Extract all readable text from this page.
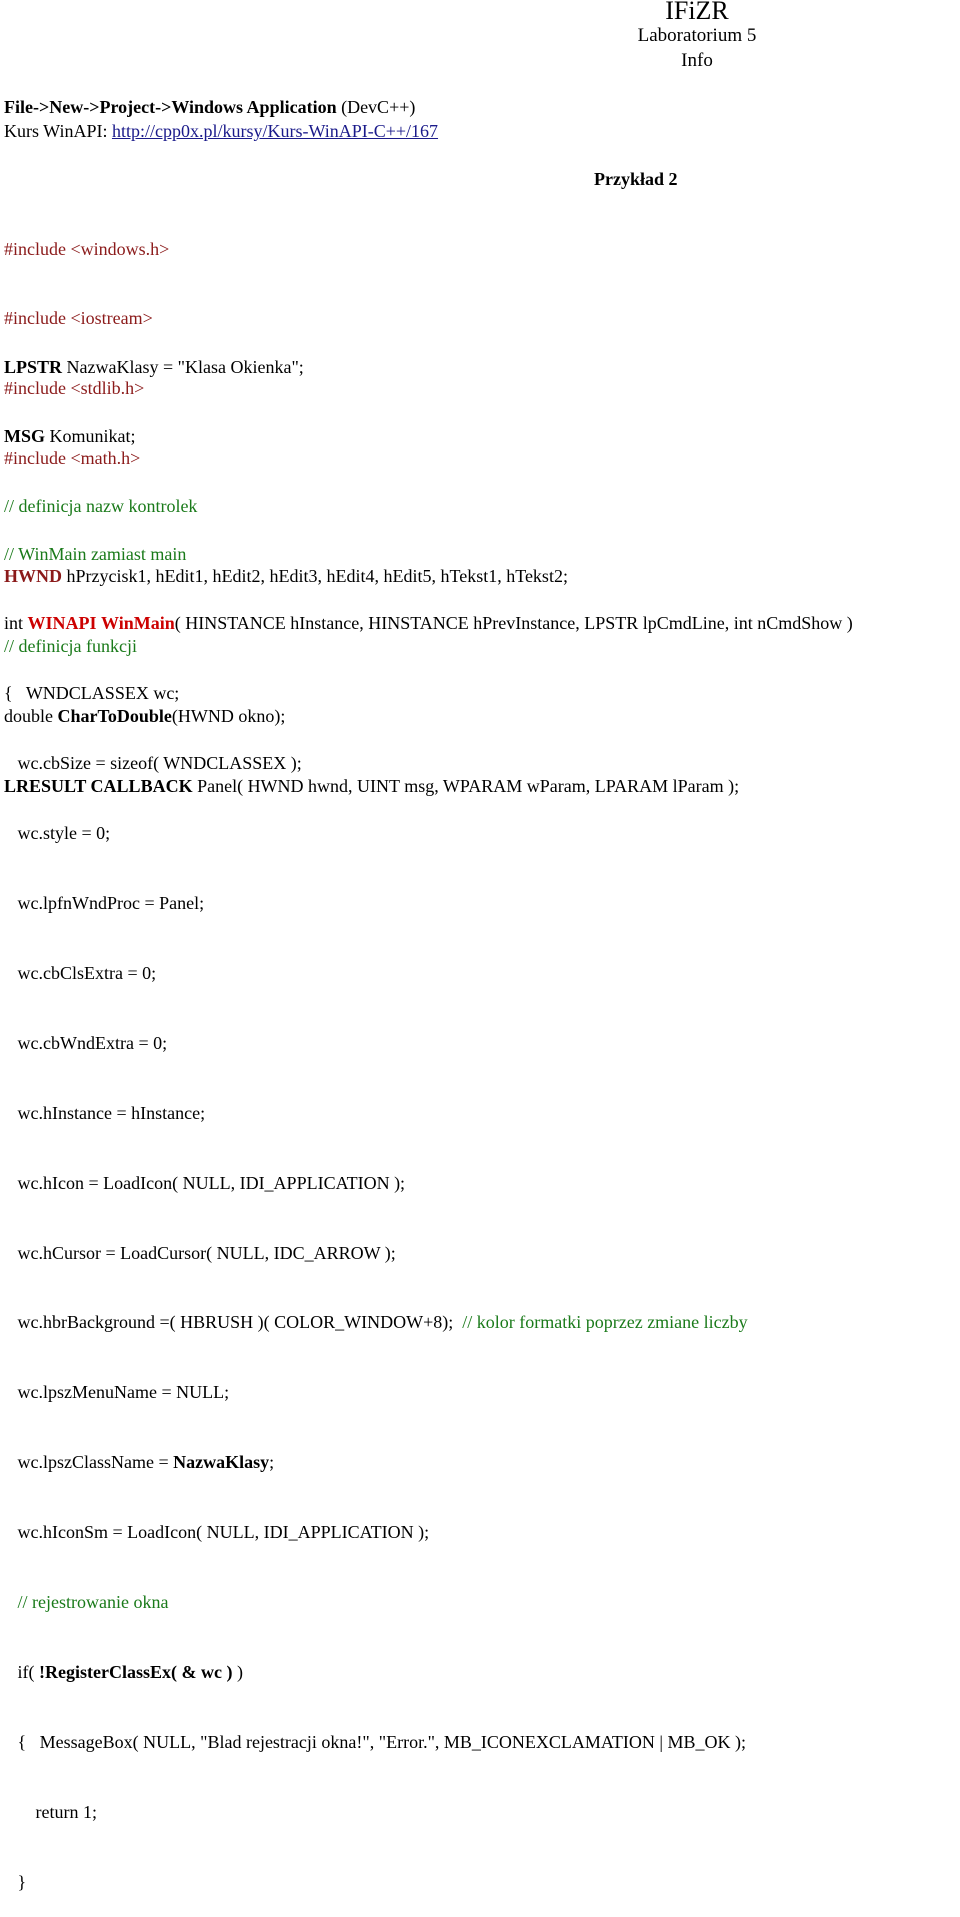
IFiZR
Laboratorium 5
Info
File->New->Project->Windows Application (DevC++)
Kurs WinAPI: http://cpp0x.pl/kursy/Kurs-WinAPI-C++/167
Przykład 2

#include <windows.h>

#include <iostream>

#include <stdlib.h>

#include <math.h>

LPSTR NazwaKlasy = "Klasa Okienka";

MSG Komunikat;

// definicja nazw kontrolek

HWND hPrzycisk1, hEdit1, hEdit2, hEdit3, hEdit4, hEdit5, hTekst1, hTekst2;

// definicja funkcji

double CharToDouble(HWND okno);

LRESULT CALLBACK Panel( HWND hwnd, UINT msg, WPARAM wParam, LPARAM lParam );

// WinMain zamiast main

int WINAPI WinMain( HINSTANCE hInstance, HINSTANCE hPrevInstance, LPSTR lpCmdLine, int nCmdShow )

{   WNDCLASSEX wc;

wc.cbSize = sizeof( WNDCLASSEX );

wc.style = 0;

wc.lpfnWndProc = Panel;

wc.cbClsExtra = 0;

wc.cbWndExtra = 0;

wc.hInstance = hInstance;

wc.hIcon = LoadIcon( NULL, IDI_APPLICATION );

wc.hCursor = LoadCursor( NULL, IDC_ARROW );

wc.hbrBackground =( HBRUSH )( COLOR_WINDOW+8);  // kolor formatki poprzez zmiane liczby

wc.lpszMenuName = NULL;

wc.lpszClassName = NazwaKlasy;

wc.hIconSm = LoadIcon( NULL, IDI_APPLICATION );

// rejestrowanie okna

if( !RegisterClassEx( & wc ) )

{   MessageBox( NULL, "Blad rejestracji okna!", "Error.", MB_ICONEXCLAMATION | MB_OK );

return 1;

}
